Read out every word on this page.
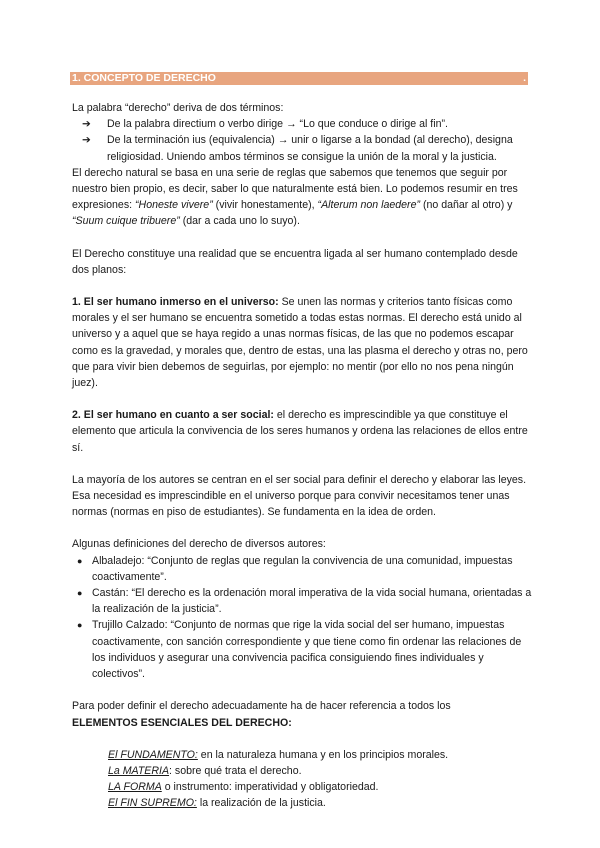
1. CONCEPTO DE DERECHO	.

La palabra “derecho” deriva de dos términos:

➔ De la palabra directium o verbo dirige → “Lo que conduce o dirige al fin”.
➔ De la terminación ius (equivalencia) → unir o ligarse a la bondad (al derecho), designa religiosidad. Uniendo ambos términos se consigue la unión de la moral y la justicia.

El derecho natural se basa en una serie de reglas que sabemos que tenemos que seguir por nuestro bien propio, es decir, saber lo que naturalmente está bien. Lo podemos resumir en tres expresiones: “Honeste vivere” (vivir honestamente), “Alterum non laedere” (no dañar al otro) y “Suum cuique tribuere” (dar a cada uno lo suyo).

El Derecho constituye una realidad que se encuentra ligada al ser humano contemplado desde dos planos:

1. El ser humano inmerso en el universo: Se unen las normas y criterios tanto físicas como morales y el ser humano se encuentra sometido a todas estas normas. El derecho está unido al universo y a aquel que se haya regido a unas normas físicas, de las que no podemos escapar como es la gravedad, y morales que, dentro de estas, una las plasma el derecho y otras no, pero que para vivir bien debemos de seguirlas, por ejemplo: no mentir (por ello no nos pena ningún juez).

2. El ser humano en cuanto a ser social: el derecho es imprescindible ya que constituye el elemento que articula la convivencia de los seres humanos y ordena las relaciones de ellos entre sí.

La mayoría de los autores se centran en el ser social para definir el derecho y elaborar las leyes. Esa necesidad es imprescindible en el universo porque para convivir necesitamos tener unas normas (normas en piso de estudiantes). Se fundamenta en la idea de orden.

Algunas definiciones del derecho de diversos autores:

● Albaladejo: “Conjunto de reglas que regulan la convivencia de una comunidad, impuestas coactivamente”.
● Castán: “El derecho es la ordenación moral imperativa de la vida social humana, orientadas a la realización de la justicia”.
● Trujillo Calzado: “Conjunto de normas que rige la vida social del ser humano, impuestas coactivamente, con sanción correspondiente y que tiene como fin ordenar las relaciones de los individuos y asegurar una convivencia pacifica consiguiendo fines individuales y colectivos”.

Para poder definir el derecho adecuadamente ha de hacer referencia a todos los

ELEMENTOS ESENCIALES DEL DERECHO:

El FUNDAMENTO: en la naturaleza humana y en los principios morales.

La MATERIA: sobre qué trata el derecho.

LA FORMA o instrumento: imperatividad y obligatoriedad.

El FIN SUPREMO: la realización de la justicia.
